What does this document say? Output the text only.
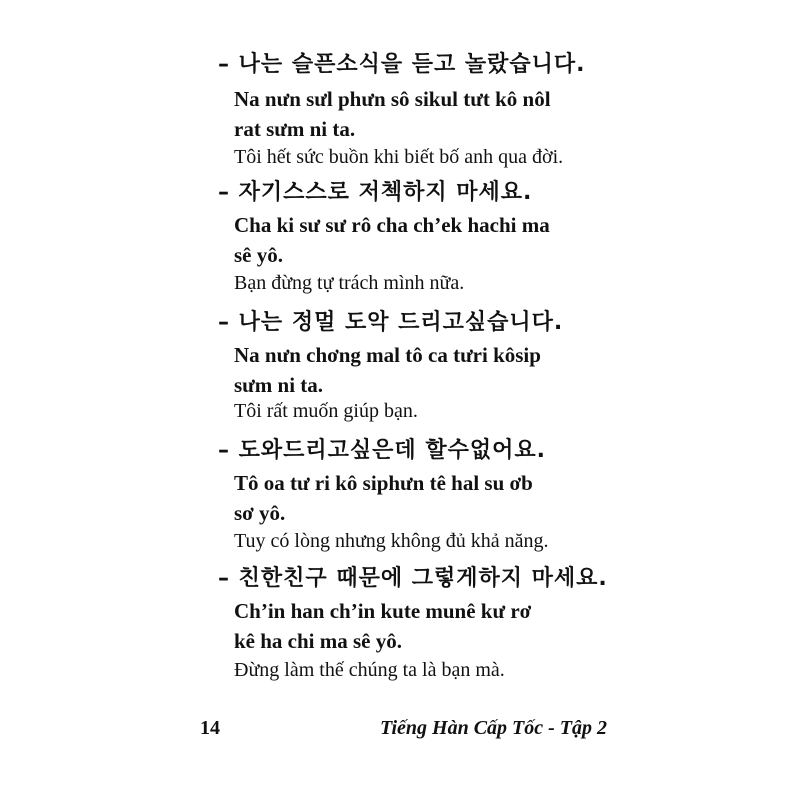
– 나는 슬픈소식을 듣고 놀랐습니다.
Na nưn sưl phưn sô sikul tưt kô nôl
rat sưm ni ta.
Tôi hết sức buồn khi biết bố anh qua đời.
– 자기스스로 저첵하지 마세요.
Cha ki sư sư rô cha ch’ek hachi ma
sê yô.
Bạn đừng tự trách mình nữa.
– 나는 정멀 도악 드리고싶습니다.
Na nưn chơng mal tô ca tưri kôsip
sưm ni ta.
Tôi rất muốn giúp bạn.
– 도와드리고싶은데 할수없어요.
Tô oa tư ri kô siphưn tê hal su ơb
sơ yô.
Tuy có lòng nhưng không đủ khả năng.
– 친한친구 때문에 그렇게하지 마세요.
Ch’in han ch’in kute munê kư rơ
kê ha chi ma sê yô.
Đừng làm thế chúng ta là bạn mà.
14	Tiếng Hàn Cấp Tốc - Tập 2
